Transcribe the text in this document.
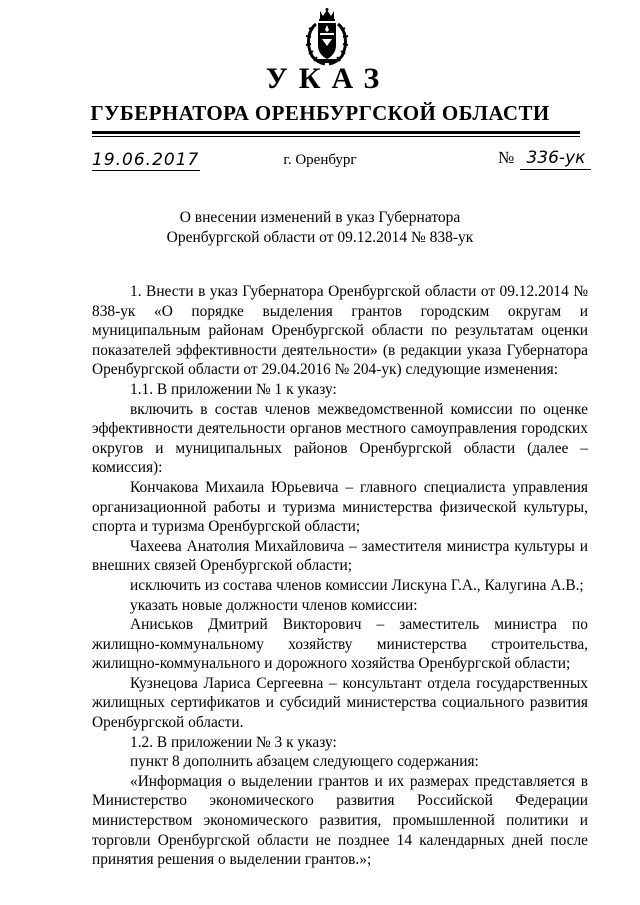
УКАЗ
ГУБЕРНАТОРА ОРЕНБУРГСКОЙ ОБЛАСТИ
19.06.2017	г. Оренбург	№ 336-ук
О внесении изменений в указ Губернатора
Оренбургской области от 09.12.2014 № 838-ук

1. Внести в указ Губернатора Оренбургской области от 09.12.2014 № 838-ук «О порядке выделения грантов городским округам и муниципальным районам Оренбургской области по результатам оценки показателей эффективности деятельности» (в редакции указа Губернатора Оренбургской области от 29.04.2016 № 204-ук) следующие изменения:

1.1. В приложении № 1 к указу:

включить в состав членов межведомственной комиссии по оценке эффективности деятельности органов местного самоуправления городских округов и муниципальных районов Оренбургской области (далее – комиссия):

Кончакова Михаила Юрьевича – главного специалиста управления организационной работы и туризма министерства физической культуры, спорта и туризма Оренбургской области;

Чахеева Анатолия Михайловича – заместителя министра культуры и внешних связей Оренбургской области;

исключить из состава членов комиссии Лискуна Г.А., Калугина А.В.;

указать новые должности членов комиссии:

Аниськов Дмитрий Викторович – заместитель министра по жилищно-коммунальному хозяйству министерства строительства, жилищно-коммунального и дорожного хозяйства Оренбургской области;

Кузнецова Лариса Сергеевна – консультант отдела государственных жилищных сертификатов и субсидий министерства социального развития Оренбургской области.

1.2. В приложении № 3 к указу:

пункт 8 дополнить абзацем следующего содержания:

«Информация о выделении грантов и их размерах представляется в Министерство экономического развития Российской Федерации министерством экономического развития, промышленной политики и торговли Оренбургской области не позднее 14 календарных дней после принятия решения о выделении грантов.»;
